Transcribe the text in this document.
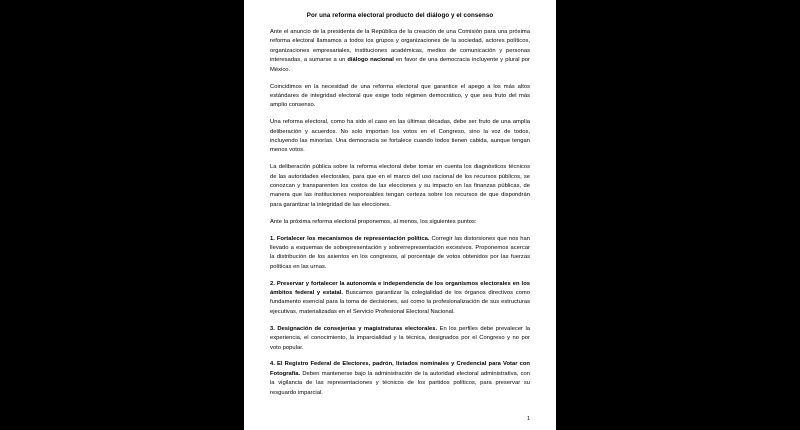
Por una reforma electoral producto del diálogo y el consenso
Ante el anuncio de la presidenta de la República de la creación de una Comisión para una próxima reforma electoral llamamos a todos los grupos y organizaciones de la sociedad, actores políticos, organizaciones empresariales, instituciones académicas, medios de comunicación y personas interesadas, a sumarse a un diálogo nacional en favor de una democracia incluyente y plural por México.
Coincidimos en la necesidad de una reforma electoral que garantice el apego a los más altos estándares de integridad electoral que exige todo régimen democrático, y que sea fruto del más amplio consenso.
Una reforma electoral, como ha sido el caso en las últimas décadas, debe ser fruto de una amplia deliberación y acuerdos. No solo importan los votos en el Congreso, sino la voz de todos, incluyendo las minorías. Una democracia se fortalece cuando todos tienen cabida, aunque tengan menos votos.
La deliberación pública sobre la reforma electoral debe tomar en cuenta los diagnósticos técnicos de las autoridades electorales, para que en el marco del uso racional de los recursos públicos, se conozcan y transparenten los costos de las elecciones y su impacto en las finanzas públicas, de manera que las instituciones responsables tengan certeza sobre los recursos de que dispondrán para garantizar la integridad de las elecciones.
Ante la próxima reforma electoral proponemos, al menos, los siguientes puntos:
1. Fortalecer los mecanismos de representación política. Corregir las distorsiones que nos han llevado a esquemas de sobrepresentación y sobrerrepresentación excesivos. Proponemos acercar la distribución de los asientos en los congresos, al porcentaje de votos obtenidos por las fuerzas políticas en las urnas.
2. Preservar y fortalecer la autonomía e independencia de los organismos electorales en los ámbitos federal y estatal. Buscamos garantizar la colegialidad de los órganos directivos como fundamento esencial para la toma de decisiones, así como la profesionalización de sus estructuras ejecutivas, materializadas en el Servicio Profesional Electoral Nacional.
3. Designación de consejerías y magistraturas electorales. En los perfiles debe prevalecer la experiencia, el conocimiento, la imparcialidad y la técnica, designados por el Congreso y no por voto popular.
4. El Registro Federal de Electores, padrón, listados nominales y Credencial para Votar con Fotografía. Deben mantenerse bajo la administración de la autoridad electoral administrativa, con la vigilancia de las representaciones y técnicos de los partidos políticos, para preservar su resguardo imparcial.
1
